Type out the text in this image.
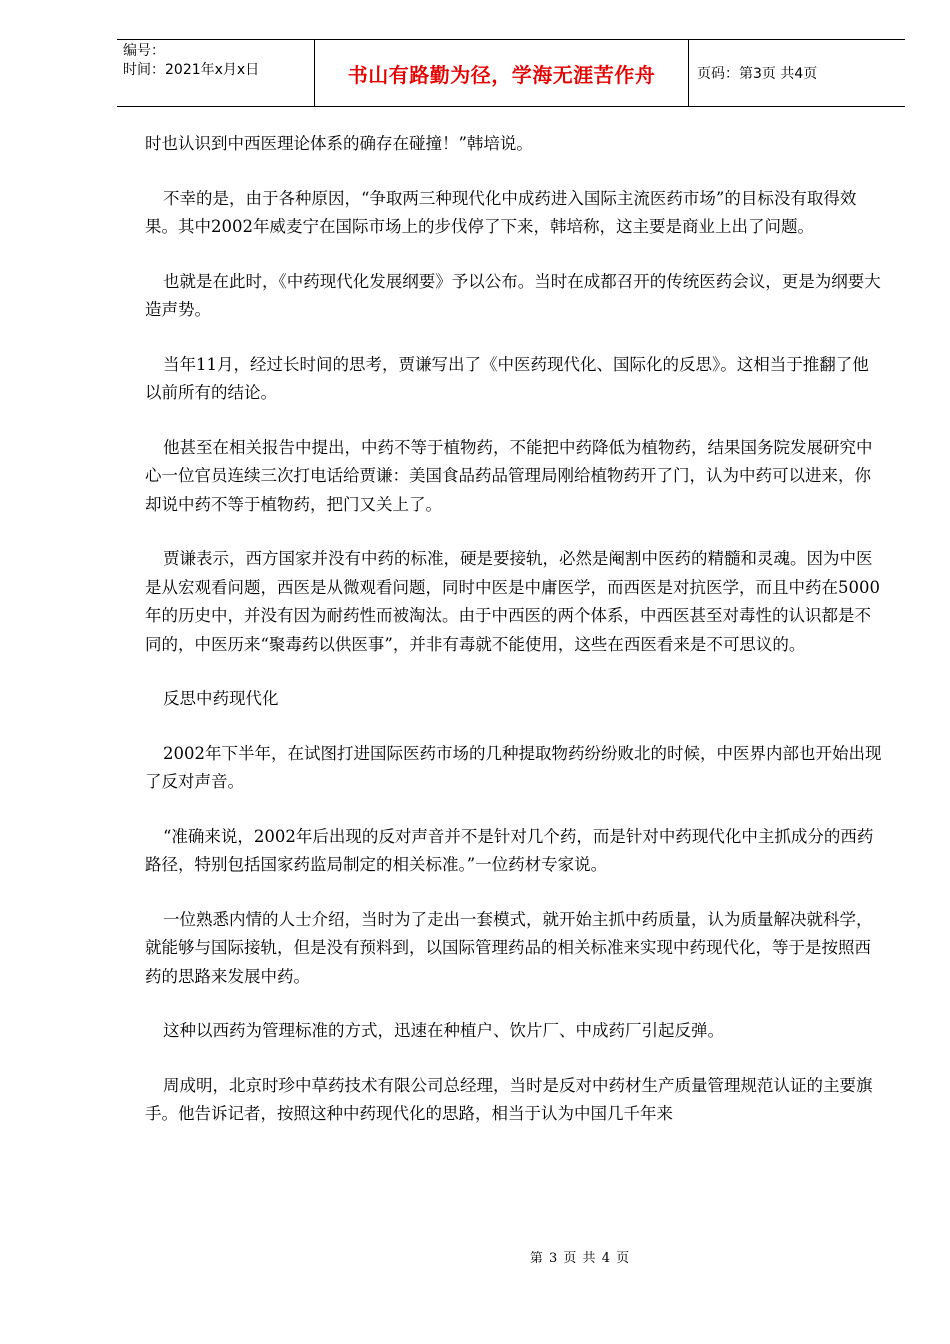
编号：
时间：2021年x月x日	书山有路勤为径，学海无涯苦作舟	页码：第3页 共4页

时也认识到中西医理论体系的确存在碰撞！”韩培说。

不幸的是，由于各种原因，“争取两三种现代化中成药进入国际主流医药市场”的目标没有取得效果。其中2002年威麦宁在国际市场上的步伐停了下来，韩培称，这主要是商业上出了问题。

也就是在此时，《中药现代化发展纲要》予以公布。当时在成都召开的传统医药会议，更是为纲要大造声势。

当年11月，经过长时间的思考，贾谦写出了《中医药现代化、国际化的反思》。这相当于推翻了他以前所有的结论。

他甚至在相关报告中提出，中药不等于植物药，不能把中药降低为植物药，结果国务院发展研究中心一位官员连续三次打电话给贾谦：美国食品药品管理局刚给植物药开了门，认为中药可以进来，你却说中药不等于植物药，把门又关上了。

贾谦表示，西方国家并没有中药的标准，硬是要接轨，必然是阉割中医药的精髓和灵魂。因为中医是从宏观看问题，西医是从微观看问题，同时中医是中庸医学，而西医是对抗医学，而且中药在5000年的历史中，并没有因为耐药性而被淘汰。由于中西医的两个体系，中西医甚至对毒性的认识都是不同的，中医历来“聚毒药以供医事”，并非有毒就不能使用，这些在西医看来是不可思议的。

反思中药现代化

2002年下半年，在试图打进国际医药市场的几种提取物药纷纷败北的时候，中医界内部也开始出现了反对声音。

“准确来说，2002年后出现的反对声音并不是针对几个药，而是针对中药现代化中主抓成分的西药路径，特别包括国家药监局制定的相关标准。”一位药材专家说。

一位熟悉内情的人士介绍，当时为了走出一套模式，就开始主抓中药质量，认为质量解决就科学，就能够与国际接轨，但是没有预料到，以国际管理药品的相关标准来实现中药现代化，等于是按照西药的思路来发展中药。

这种以西药为管理标准的方式，迅速在种植户、饮片厂、中成药厂引起反弹。

周成明，北京时珍中草药技术有限公司总经理，当时是反对中药材生产质量管理规范认证的主要旗手。他告诉记者，按照这种中药现代化的思路，相当于认为中国几千年来

第 3 页 共 4 页
